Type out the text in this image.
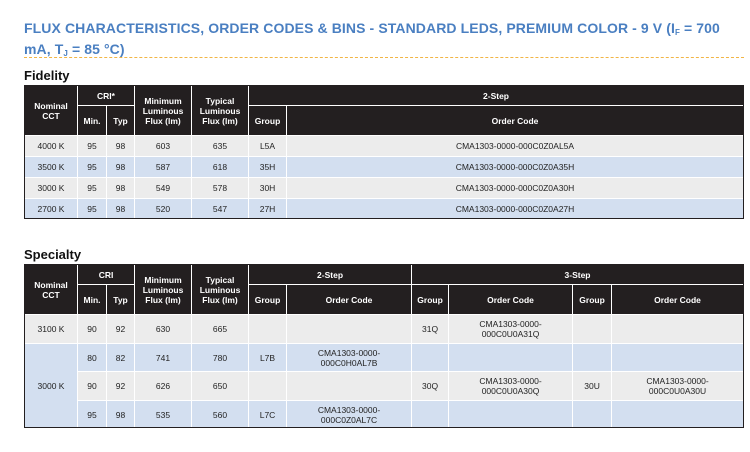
FLUX CHARACTERISTICS, ORDER CODES & BINS - STANDARD LEDS, PREMIUM COLOR - 9 V ($I_F = 700$ mA, $T_J = 85$ °C)
Fidelity
Nominal CCT	CRI*		Minimum Luminous Flux (lm)	Typical Luminous Flux (lm)	2-Step	
	Min.	Typ			Group	Order Code
4000 K	95	98	603	635	L5A	CMA1303-0000-000C0Z0AL5A
3500 K	95	98	587	618	35H	CMA1303-0000-000C0Z0A35H
3000 K	95	98	549	578	30H	CMA1303-0000-000C0Z0A30H
2700 K	95	98	520	547	27H	CMA1303-0000-000C0Z0A27H
Specialty
Nominal CCT	CRI		Minimum Luminous Flux (lm)	Typical Luminous Flux (lm)	2-Step		3-Step			
	Min.	Typ			Group	Order Code	Group	Order Code	Group	Order Code
3100 K	90	92	630	665			31Q	CMA1303-0000-000C0U0A31Q		
3000 K	80	82	741	780	L7B	CMA1303-0000-000C0H0AL7B				
	90	92	626	650			30Q	CMA1303-0000-000C0U0A30Q	30U	CMA1303-0000-000C0U0A30U
	95	98	535	560	L7C	CMA1303-0000-000C0Z0AL7C				
